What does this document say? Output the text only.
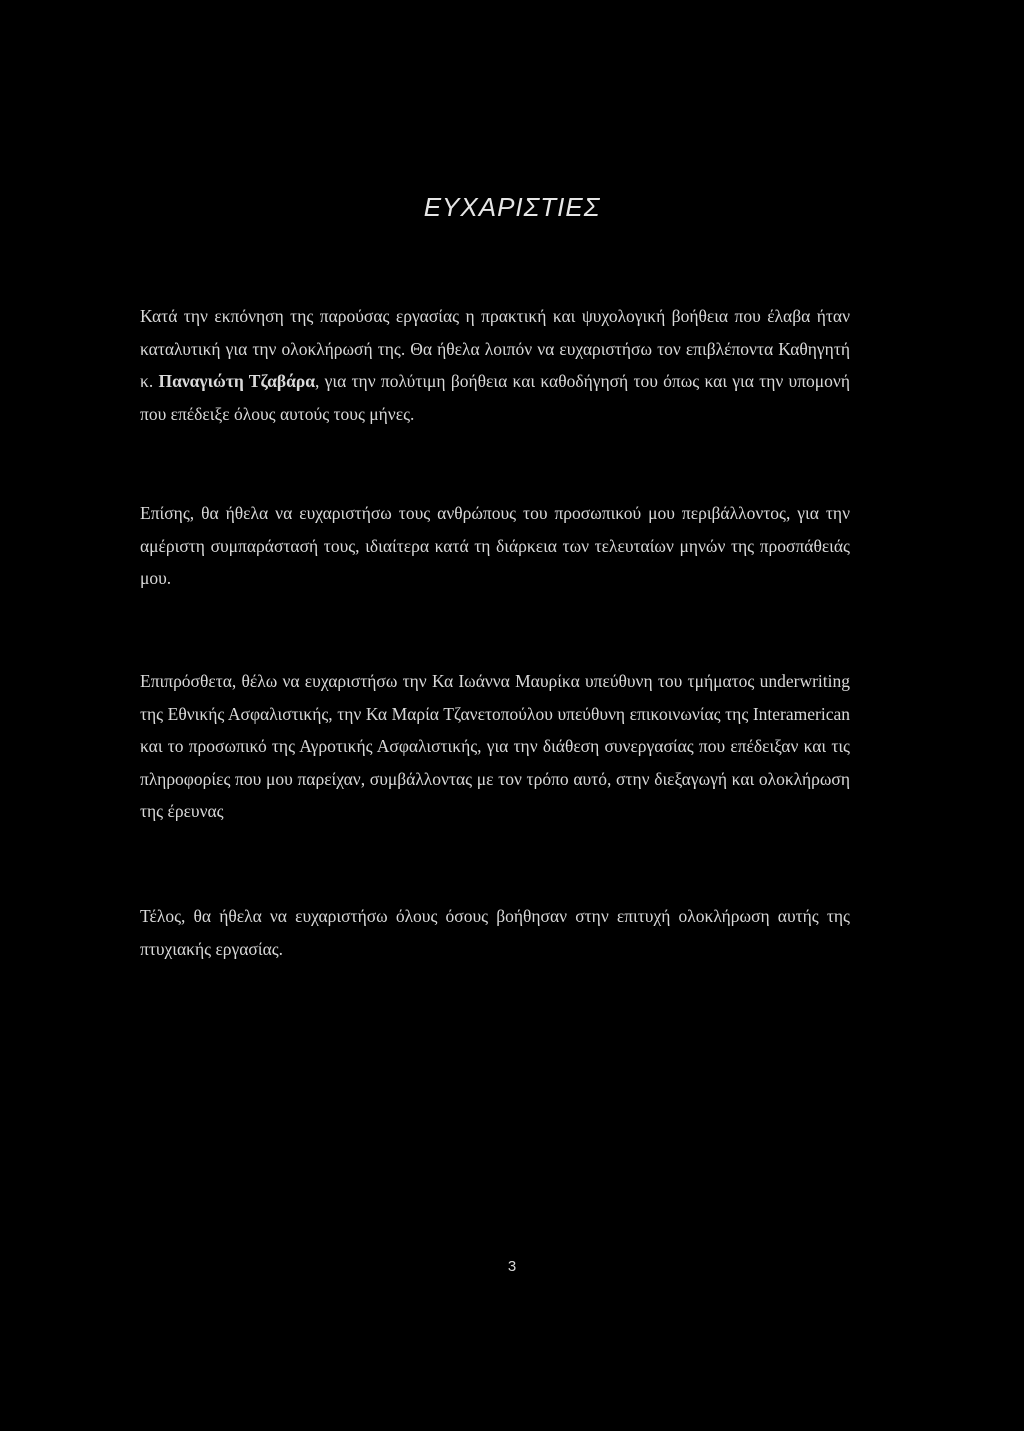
ΕΥΧΑΡΙΣΤΙΕΣ

Κατά την εκπόνηση της παρούσας εργασίας η πρακτική και ψυχολογική βοήθεια που έλαβα ήταν καταλυτική για την ολοκλήρωσή της. Θα ήθελα λοιπόν να ευχαριστήσω τον επιβλέποντα Καθηγητή κ. Παναγιώτη Τζαβάρα, για την πολύτιμη βοήθεια και καθοδήγησή του όπως και για την υπομονή που επέδειξε όλους αυτούς τους μήνες.

Επίσης, θα ήθελα να ευχαριστήσω τους ανθρώπους του προσωπικού μου περιβάλλοντος, για την αμέριστη συμπαράστασή τους, ιδιαίτερα κατά τη διάρκεια των τελευταίων μηνών της προσπάθειάς μου.

Επιπρόσθετα, θέλω να ευχαριστήσω την Κα Ιωάννα Μαυρίκα υπεύθυνη του τμήματος underwriting της Εθνικής Ασφαλιστικής, την Κα Μαρία Τζανετοπούλου υπεύθυνη επικοινωνίας της Interamerican και το προσωπικό της Αγροτικής Ασφαλιστικής, για την διάθεση συνεργασίας που επέδειξαν και τις πληροφορίες που μου παρείχαν, συμβάλλοντας με τον τρόπο αυτό, στην διεξαγωγή και ολοκλήρωση της έρευνας

Τέλος, θα ήθελα να ευχαριστήσω όλους όσους βοήθησαν στην επιτυχή ολοκλήρωση αυτής της πτυχιακής εργασίας.

3
